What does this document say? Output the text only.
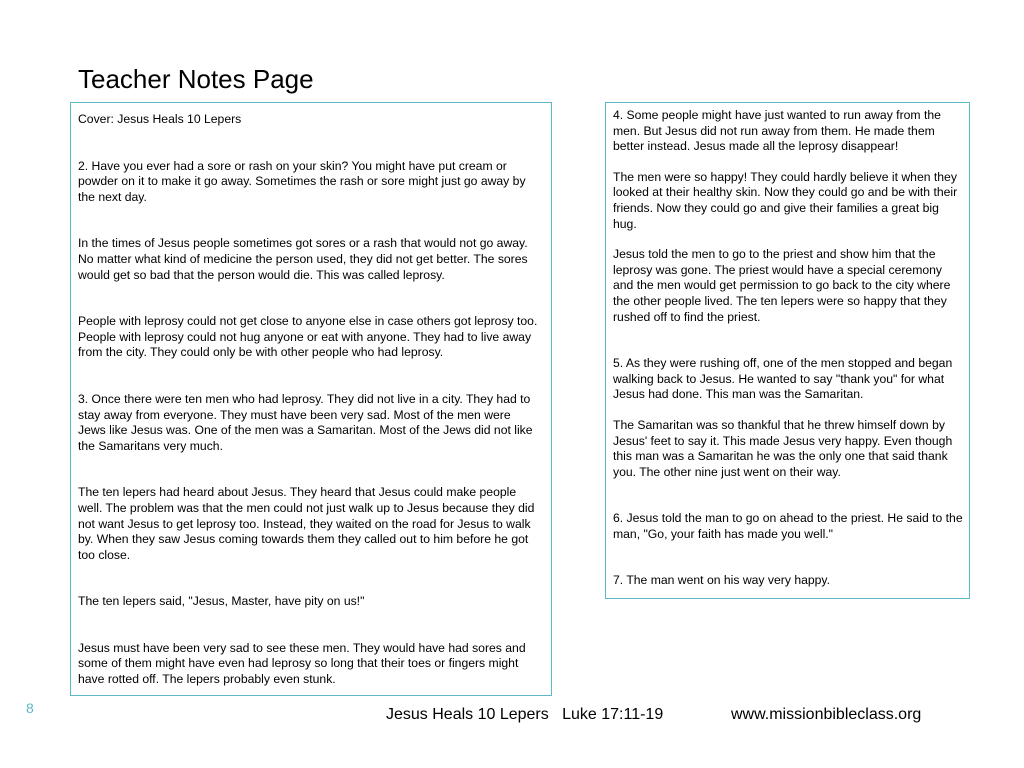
Teacher Notes Page

Cover: Jesus Heals 10 Lepers

2. Have you ever had a sore or rash on your skin? You might have put cream or powder on it to make it go away. Sometimes the rash or sore might just go away by the next day.

In the times of Jesus people sometimes got sores or a rash that would not go away. No matter what kind of medicine the person used, they did not get better. The sores would get so bad that the person would die. This was called leprosy.

People with leprosy could not get close to anyone else in case others got leprosy too. People with leprosy could not hug anyone or eat with anyone. They had to live away from the city. They could only be with other people who had leprosy.

3. Once there were ten men who had leprosy. They did not live in a city. They had to stay away from everyone. They must have been very sad. Most of the men were Jews like Jesus was. One of the men was a Samaritan. Most of the Jews did not like the Samaritans very much.

The ten lepers had heard about Jesus. They heard that Jesus could make people well. The problem was that the men could not just walk up to Jesus because they did not want Jesus to get leprosy too. Instead, they waited on the road for Jesus to walk by. When they saw Jesus coming towards them they called out to him before he got too close.

The ten lepers said, "Jesus, Master, have pity on us!"

Jesus must have been very sad to see these men. They would have had sores and some of them might have even had leprosy so long that their toes or fingers might have rotted off. The lepers probably even stunk.

4. Some people might have just wanted to run away from the men. But Jesus did not run away from them. He made them better instead. Jesus made all the leprosy disappear!

The men were so happy! They could hardly believe it when they looked at their healthy skin. Now they could go and be with their friends. Now they could go and give their families a great big hug.

Jesus told the men to go to the priest and show him that the leprosy was gone. The priest would have a special ceremony and the men would get permission to go back to the city where the other people lived. The ten lepers were so happy that they rushed off to find the priest.

5. As they were rushing off, one of the men stopped and began walking back to Jesus. He wanted to say "thank you" for what Jesus had done. This man was the Samaritan.

The Samaritan was so thankful that he threw himself down by Jesus' feet to say it. This made Jesus very happy. Even though this man was a Samaritan he was the only one that said thank you. The other nine just went on their way.

6. Jesus told the man to go on ahead to the priest. He said to the man, "Go, your faith has made you well."

7. The man went on his way very happy.

8	Jesus Heals 10 Lepers   Luke 17:11-19	www.missionbibleclass.org
